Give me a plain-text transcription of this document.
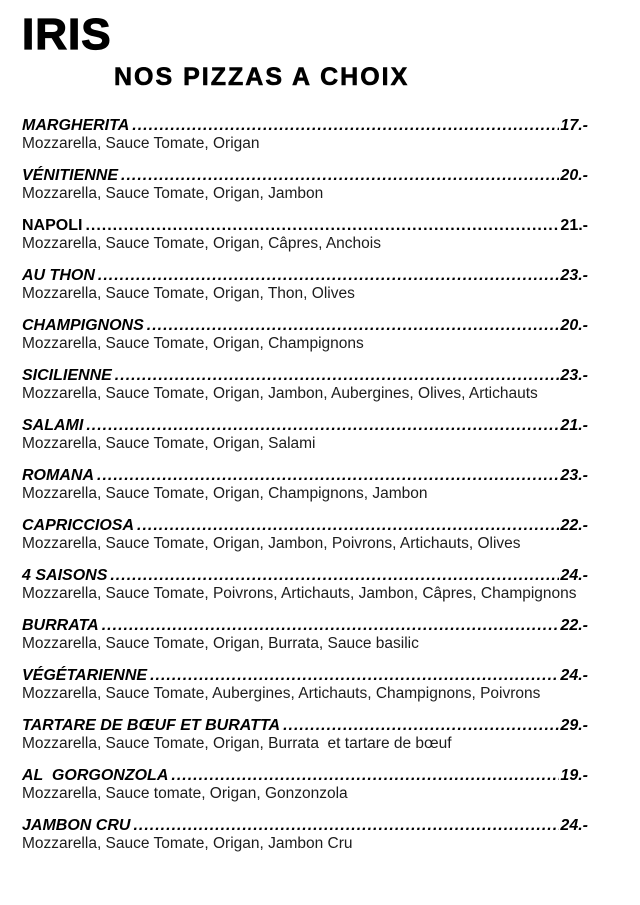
IRIS
NOS PIZZAS A CHOIX
MARGHERITA .....	17.-
Mozzarella, Sauce Tomate, Origan
VÉNITIENNE .....	20.-
Mozzarella, Sauce Tomate, Origan, Jambon
NAPOLI .....	21.-
Mozzarella, Sauce Tomate, Origan, Câpres, Anchois
AU THON .....	23.-
Mozzarella, Sauce Tomate, Origan, Thon, Olives
CHAMPIGNONS .....	20.-
Mozzarella, Sauce Tomate, Origan, Champignons
SICILIENNE .....	23.-
Mozzarella, Sauce Tomate, Origan, Jambon, Aubergines, Olives, Artichauts
SALAMI .....	21.-
Mozzarella, Sauce Tomate, Origan, Salami
ROMANA .....	23.-
Mozzarella, Sauce Tomate, Origan, Champignons, Jambon
CAPRICCIOSA .....	22.-
Mozzarella, Sauce Tomate, Origan, Jambon, Poivrons, Artichauts, Olives
4 SAISONS .....	24.-
Mozzarella, Sauce Tomate, Poivrons, Artichauts, Jambon, Câpres, Champignons
BURRATA .....	22.-
Mozzarella, Sauce Tomate, Origan, Burrata, Sauce basilic
VÉGÉTARIENNE .....	24.-
Mozzarella, Sauce Tomate, Aubergines, Artichauts, Champignons, Poivrons
TARTARE DE BŒUF ET BURATTA .....	29.-
Mozzarella, Sauce Tomate, Origan, Burrata  et tartare de bœuf
AL  GORGONZOLA .....	19.-
Mozzarella, Sauce tomate, Origan, Gonzonzola
JAMBON CRU .....	24.-
Mozzarella, Sauce Tomate, Origan, Jambon Cru
